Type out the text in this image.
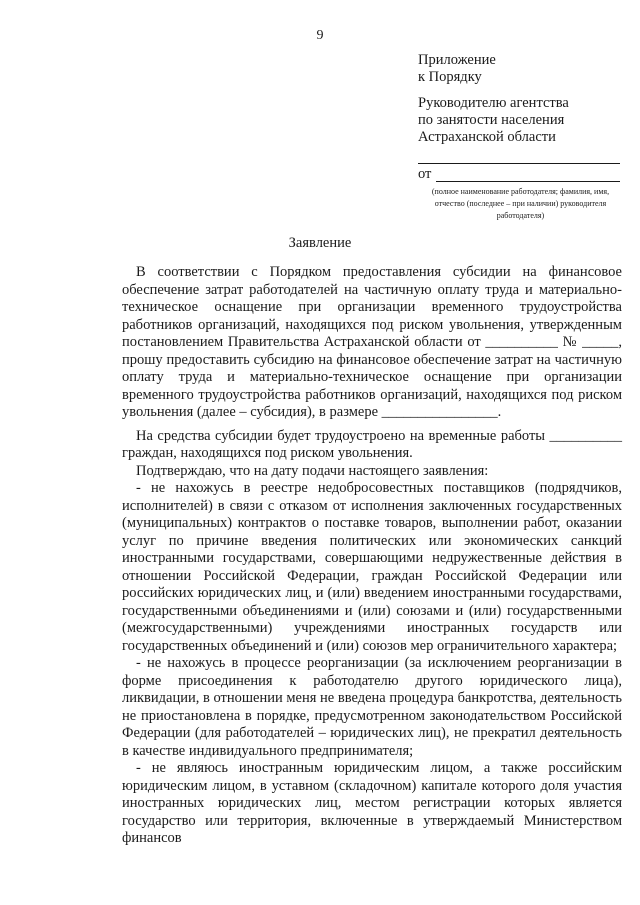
9
Приложение
к Порядку
Руководителю агентства
по занятости населения
Астраханской области
от
(полное наименование работодателя; фамилия, имя, отчество (последнее – при наличии) руководителя работодателя)
Заявление

В соответствии с Порядком предоставления субсидии на финансовое обеспечение затрат работодателей на частичную оплату труда и материально-техническое оснащение при организации временного трудоустройства работников организаций, находящихся под риском увольнения, утвержденным постановлением Правительства Астраханской области от __________ № _____, прошу предоставить субсидию на финансовое обеспечение затрат на частичную оплату труда и материально-техническое оснащение при организации временного трудоустройства работников организаций, находящихся под риском увольнения (далее – субсидия), в размере ________________.

На средства субсидии будет трудоустроено на временные работы __________ граждан, находящихся под риском увольнения.

Подтверждаю, что на дату подачи настоящего заявления:

- не нахожусь в реестре недобросовестных поставщиков (подрядчиков, исполнителей) в связи с отказом от исполнения заключенных государственных (муниципальных) контрактов о поставке товаров, выполнении работ, оказании услуг по причине введения политических или экономических санкций иностранными государствами, совершающими недружественные действия в отношении Российской Федерации, граждан Российской Федерации или российских юридических лиц, и (или) введением иностранными государствами, государственными объединениями и (или) союзами и (или) государственными (межгосударственными) учреждениями иностранных государств или государственных объединений и (или) союзов мер ограничительного характера;

- не нахожусь в процессе реорганизации (за исключением реорганизации в форме присоединения к работодателю другого юридического лица), ликвидации, в отношении меня не введена процедура банкротства, деятельность не приостановлена в порядке, предусмотренном законодательством Российской Федерации (для работодателей – юридических лиц), не прекратил деятельность в качестве индивидуального предпринимателя;

- не являюсь иностранным юридическим лицом, а также российским юридическим лицом, в уставном (складочном) капитале которого доля участия иностранных юридических лиц, местом регистрации которых является государство или территория, включенные в утверждаемый Министерством финансов
